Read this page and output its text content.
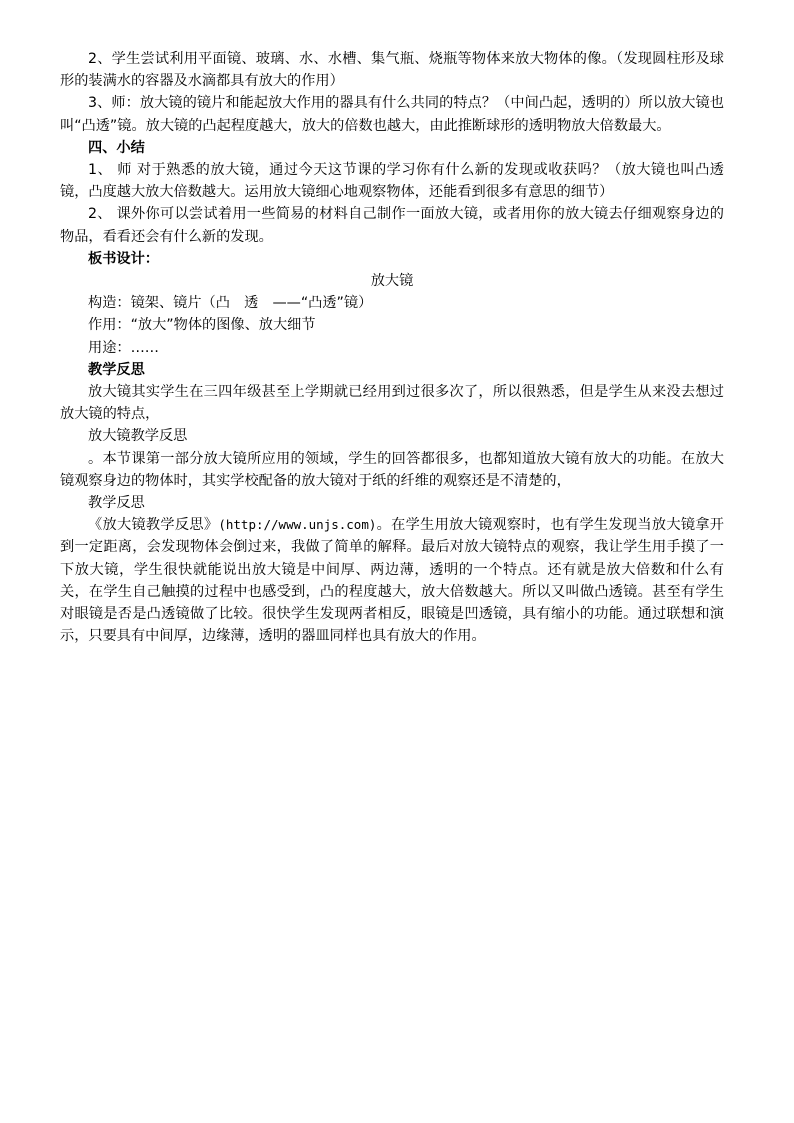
2、学生尝试利用平面镜、玻璃、水、水槽、集气瓶、烧瓶等物体来放大物体的像。（发现圆柱形及球形的装满水的容器及水滴都具有放大的作用）

3、师：放大镜的镜片和能起放大作用的器具有什么共同的特点？（中间凸起，透明的）所以放大镜也叫“凸透”镜。放大镜的凸起程度越大，放大的倍数也越大，由此推断球形的透明物放大倍数最大。

四、小结

1、 师 对于熟悉的放大镜，通过今天这节课的学习你有什么新的发现或收获吗？（放大镜也叫凸透镜，凸度越大放大倍数越大。运用放大镜细心地观察物体，还能看到很多有意思的细节）

2、 课外你可以尝试着用一些简易的材料自己制作一面放大镜，或者用你的放大镜去仔细观察身边的物品，看看还会有什么新的发现。

板书设计：

放大镜

构造：镜架、镜片（凸　透　——“凸透”镜）

作用：“放大”物体的图像、放大细节

用途：……

教学反思

放大镜其实学生在三四年级甚至上学期就已经用到过很多次了，所以很熟悉，但是学生从来没去想过放大镜的特点，

放大镜教学反思

。本节课第一部分放大镜所应用的领域，学生的回答都很多，也都知道放大镜有放大的功能。在放大镜观察身边的物体时，其实学校配备的放大镜对于纸的纤维的观察还是不清楚的，

教学反思

《放大镜教学反思》(http://www.unjs.com)。在学生用放大镜观察时，也有学生发现当放大镜拿开到一定距离，会发现物体会倒过来，我做了简单的解释。最后对放大镜特点的观察，我让学生用手摸了一下放大镜，学生很快就能说出放大镜是中间厚、两边薄，透明的一个特点。还有就是放大倍数和什么有关，在学生自己触摸的过程中也感受到，凸的程度越大，放大倍数越大。所以又叫做凸透镜。甚至有学生对眼镜是否是凸透镜做了比较。很快学生发现两者相反，眼镜是凹透镜，具有缩小的功能。通过联想和演示，只要具有中间厚，边缘薄，透明的器皿同样也具有放大的作用。
